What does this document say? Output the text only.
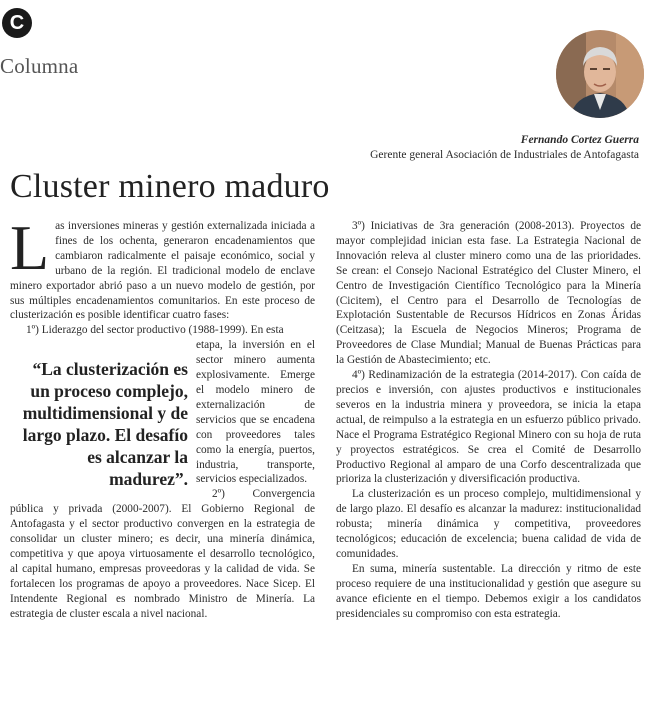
C
Columna
Fernando Cortez Guerra
Gerente general Asociación de Industriales de Antofagasta
Cluster minero maduro

Las inversiones mineras y gestión externalizada iniciada a fines de los ochenta, generaron encadenamientos que cambiaron radicalmente el paisaje económico, social y urbano de la región. El tradicional modelo de enclave minero exportador abrió paso a un nuevo modelo de gestión, por sus múltiples encadenamientos comunitarios. En este proceso de clusterización es posible identificar cuatro fases:

1º) Liderazgo del sector productivo (1988-1999). En esta

“La clusterización es un proceso complejo, multidimensional y de largo plazo. El desafío es alcanzar la madurez”.

etapa, la inversión en el sector minero aumenta explosivamente. Emerge el modelo minero de externalización de servicios que se encadena con proveedores tales como la energía, puertos, industria, transporte, servicios especializados.

2º) Convergencia pública y privada (2000-2007). El Gobierno Regional de Antofagasta y el sector productivo convergen en la estrategia de consolidar un cluster minero; es decir, una minería dinámica, competitiva y que apoya virtuosamente el desarrollo tecnológico, al capital humano, empresas proveedoras y la calidad de vida. Se fortalecen los programas de apoyo a proveedores. Nace Sicep. El Intendente Regional es nombrado Ministro de Minería. La estrategia de cluster escala a nivel nacional.

3º) Iniciativas de 3ra generación (2008-2013). Proyectos de mayor complejidad inician esta fase. La Estrategia Nacional de Innovación releva al cluster minero como una de las prioridades. Se crean: el Consejo Nacional Estratégico del Cluster Minero, el Centro de Investigación Científico Tecnológico para la Minería (Cicitem), el Centro para el Desarrollo de Tecnologías de Explotación Sustentable de Recursos Hídricos en Zonas Áridas (Ceitzasa); la Escuela de Negocios Mineros; Programa de Proveedores de Clase Mundial; Manual de Buenas Prácticas para la Gestión de Abastecimiento; etc.

4º) Redinamización de la estrategia (2014-2017). Con caída de precios e inversión, con ajustes productivos e institucionales severos en la industria minera y proveedora, se inicia la etapa actual, de reimpulso a la estrategia en un esfuerzo público privado. Nace el Programa Estratégico Regional Minero con su hoja de ruta y proyectos estratégicos. Se crea el Comité de Desarrollo Productivo Regional al amparo de una Corfo descentralizada que prioriza la clusterización y diversificación productiva.

La clusterización es un proceso complejo, multidimensional y de largo plazo. El desafío es alcanzar la madurez: institucionalidad robusta; minería dinámica y competitiva, proveedores tecnológicos; educación de excelencia; buena calidad de vida de comunidades.

En suma, minería sustentable. La dirección y ritmo de este proceso requiere de una institucionalidad y gestión que asegure su avance eficiente en el tiempo. Debemos exigir a los candidatos presidenciales su compromiso con esta estrategia.
